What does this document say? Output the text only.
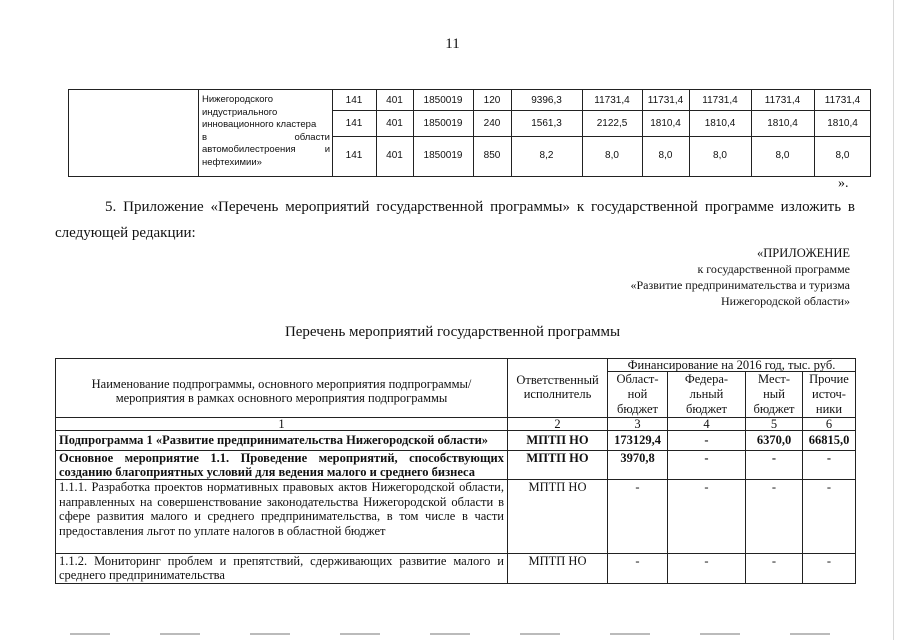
11
Нижегородского
индустриального
инновационного кластера
в	области
автомобилестроения	и
нефтехимии»
141	401	1850019	120	9396,3	11731,4	11731,4	11731,4	11731,4	11731,4
141	401	1850019	240	1561,3	2122,5	1810,4	1810,4	1810,4	1810,4
141	401	1850019	850	8,2	8,0	8,0	8,0	8,0	8,0
».
5. Приложение «Перечень мероприятий государственной программы» к государственной программе изложить в следующей редакции:
«ПРИЛОЖЕНИЕ
к государственной программе
«Развитие предпринимательства и туризма
Нижегородской области»
Перечень мероприятий государственной программы
Наименование подпрограммы, основного мероприятия подпрограммы/мероприятия в рамках основного мероприятия подпрограммы	Ответственный исполнитель	Финансирование на 2016 год, тыс. руб.			
		Област-ной бюджет	Федера-льный бюджет	Мест-ный бюджет	Прочие источ-ники
1	2	3	4	5	6
Подпрограмма 1 «Развитие предпринимательства Нижегородской области»	МПТП НО	173129,4	-	6370,0	66815,0
Основное мероприятие 1.1. Проведение мероприятий, способствующих созданию благоприятных условий для ведения малого и среднего бизнеса	МПТП НО	3970,8	-	-	-
1.1.1. Разработка проектов нормативных правовых актов Нижегородской области, направленных на совершенствование законодательства Нижегородской области в сфере развития малого и среднего предпринимательства, в том числе в части предоставления льгот по уплате налогов в областной бюджет	МПТП НО	-	-	-	-
1.1.2. Мониторинг проблем и препятствий, сдерживающих развитие малого и среднего предпринимательства	МПТП НО	-	-	-	-
